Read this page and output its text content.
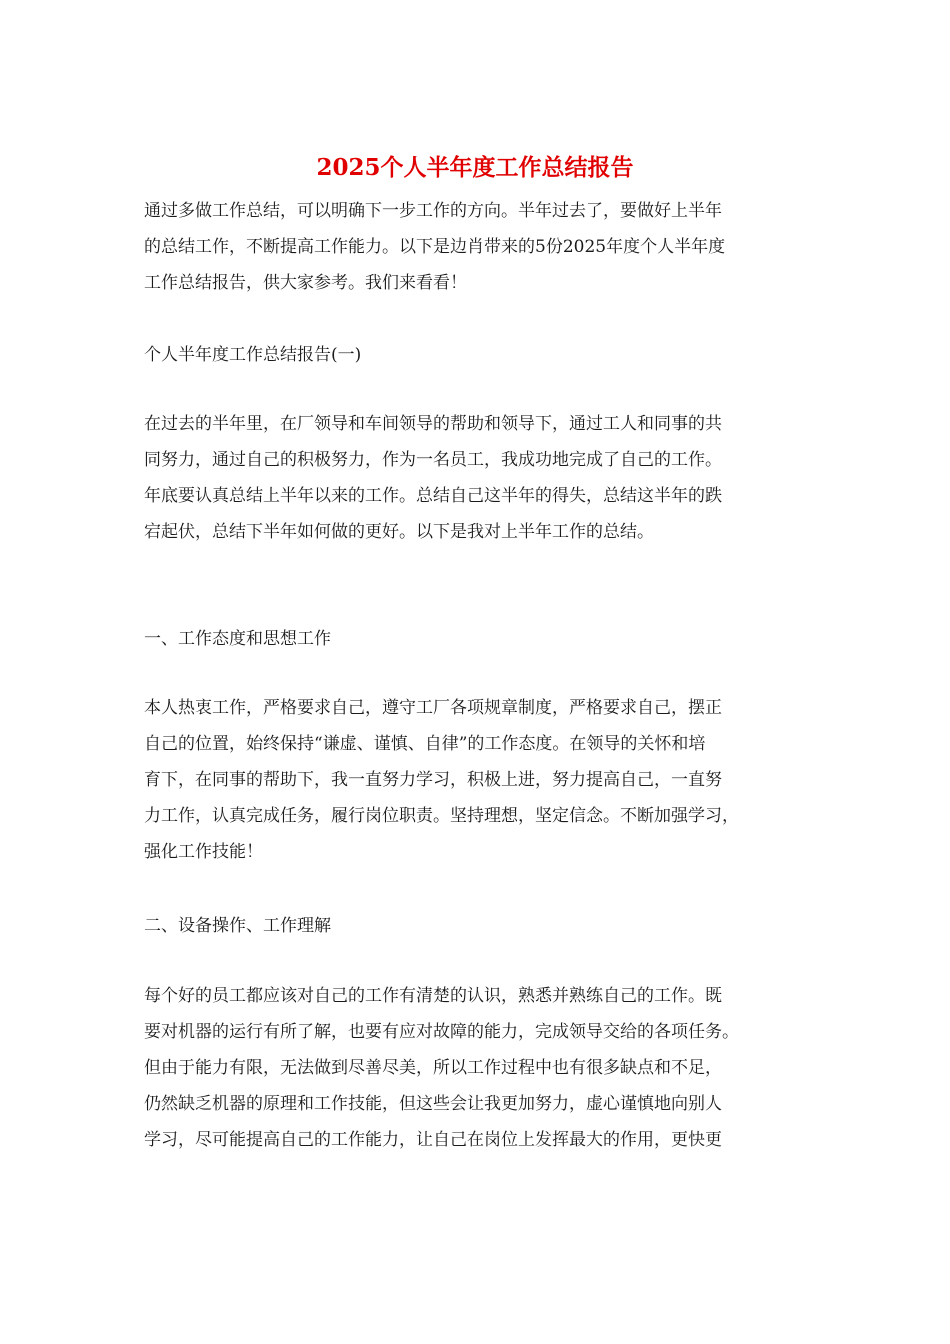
2025个人半年度工作总结报告
通过多做工作总结，可以明确下一步工作的方向。半年过去了，要做好上半年
的总结工作，不断提高工作能力。以下是边肖带来的5份2025年度个人半年度
工作总结报告，供大家参考。我们来看看！
个人半年度工作总结报告(一)
在过去的半年里，在厂领导和车间领导的帮助和领导下，通过工人和同事的共
同努力，通过自己的积极努力，作为一名员工，我成功地完成了自己的工作。
年底要认真总结上半年以来的工作。总结自己这半年的得失，总结这半年的跌
宕起伏，总结下半年如何做的更好。以下是我对上半年工作的总结。
一、工作态度和思想工作
本人热衷工作，严格要求自己，遵守工厂各项规章制度，严格要求自己，摆正
自己的位置，始终保持“谦虚、谨慎、自律”的工作态度。在领导的关怀和培
育下，在同事的帮助下，我一直努力学习，积极上进，努力提高自己，一直努
力工作，认真完成任务，履行岗位职责。坚持理想，坚定信念。不断加强学习，
强化工作技能！
二、设备操作、工作理解
每个好的员工都应该对自己的工作有清楚的认识，熟悉并熟练自己的工作。既
要对机器的运行有所了解，也要有应对故障的能力，完成领导交给的各项任务。
但由于能力有限，无法做到尽善尽美，所以工作过程中也有很多缺点和不足，
仍然缺乏机器的原理和工作技能，但这些会让我更加努力，虚心谨慎地向别人
学习，尽可能提高自己的工作能力，让自己在岗位上发挥最大的作用，更快更
